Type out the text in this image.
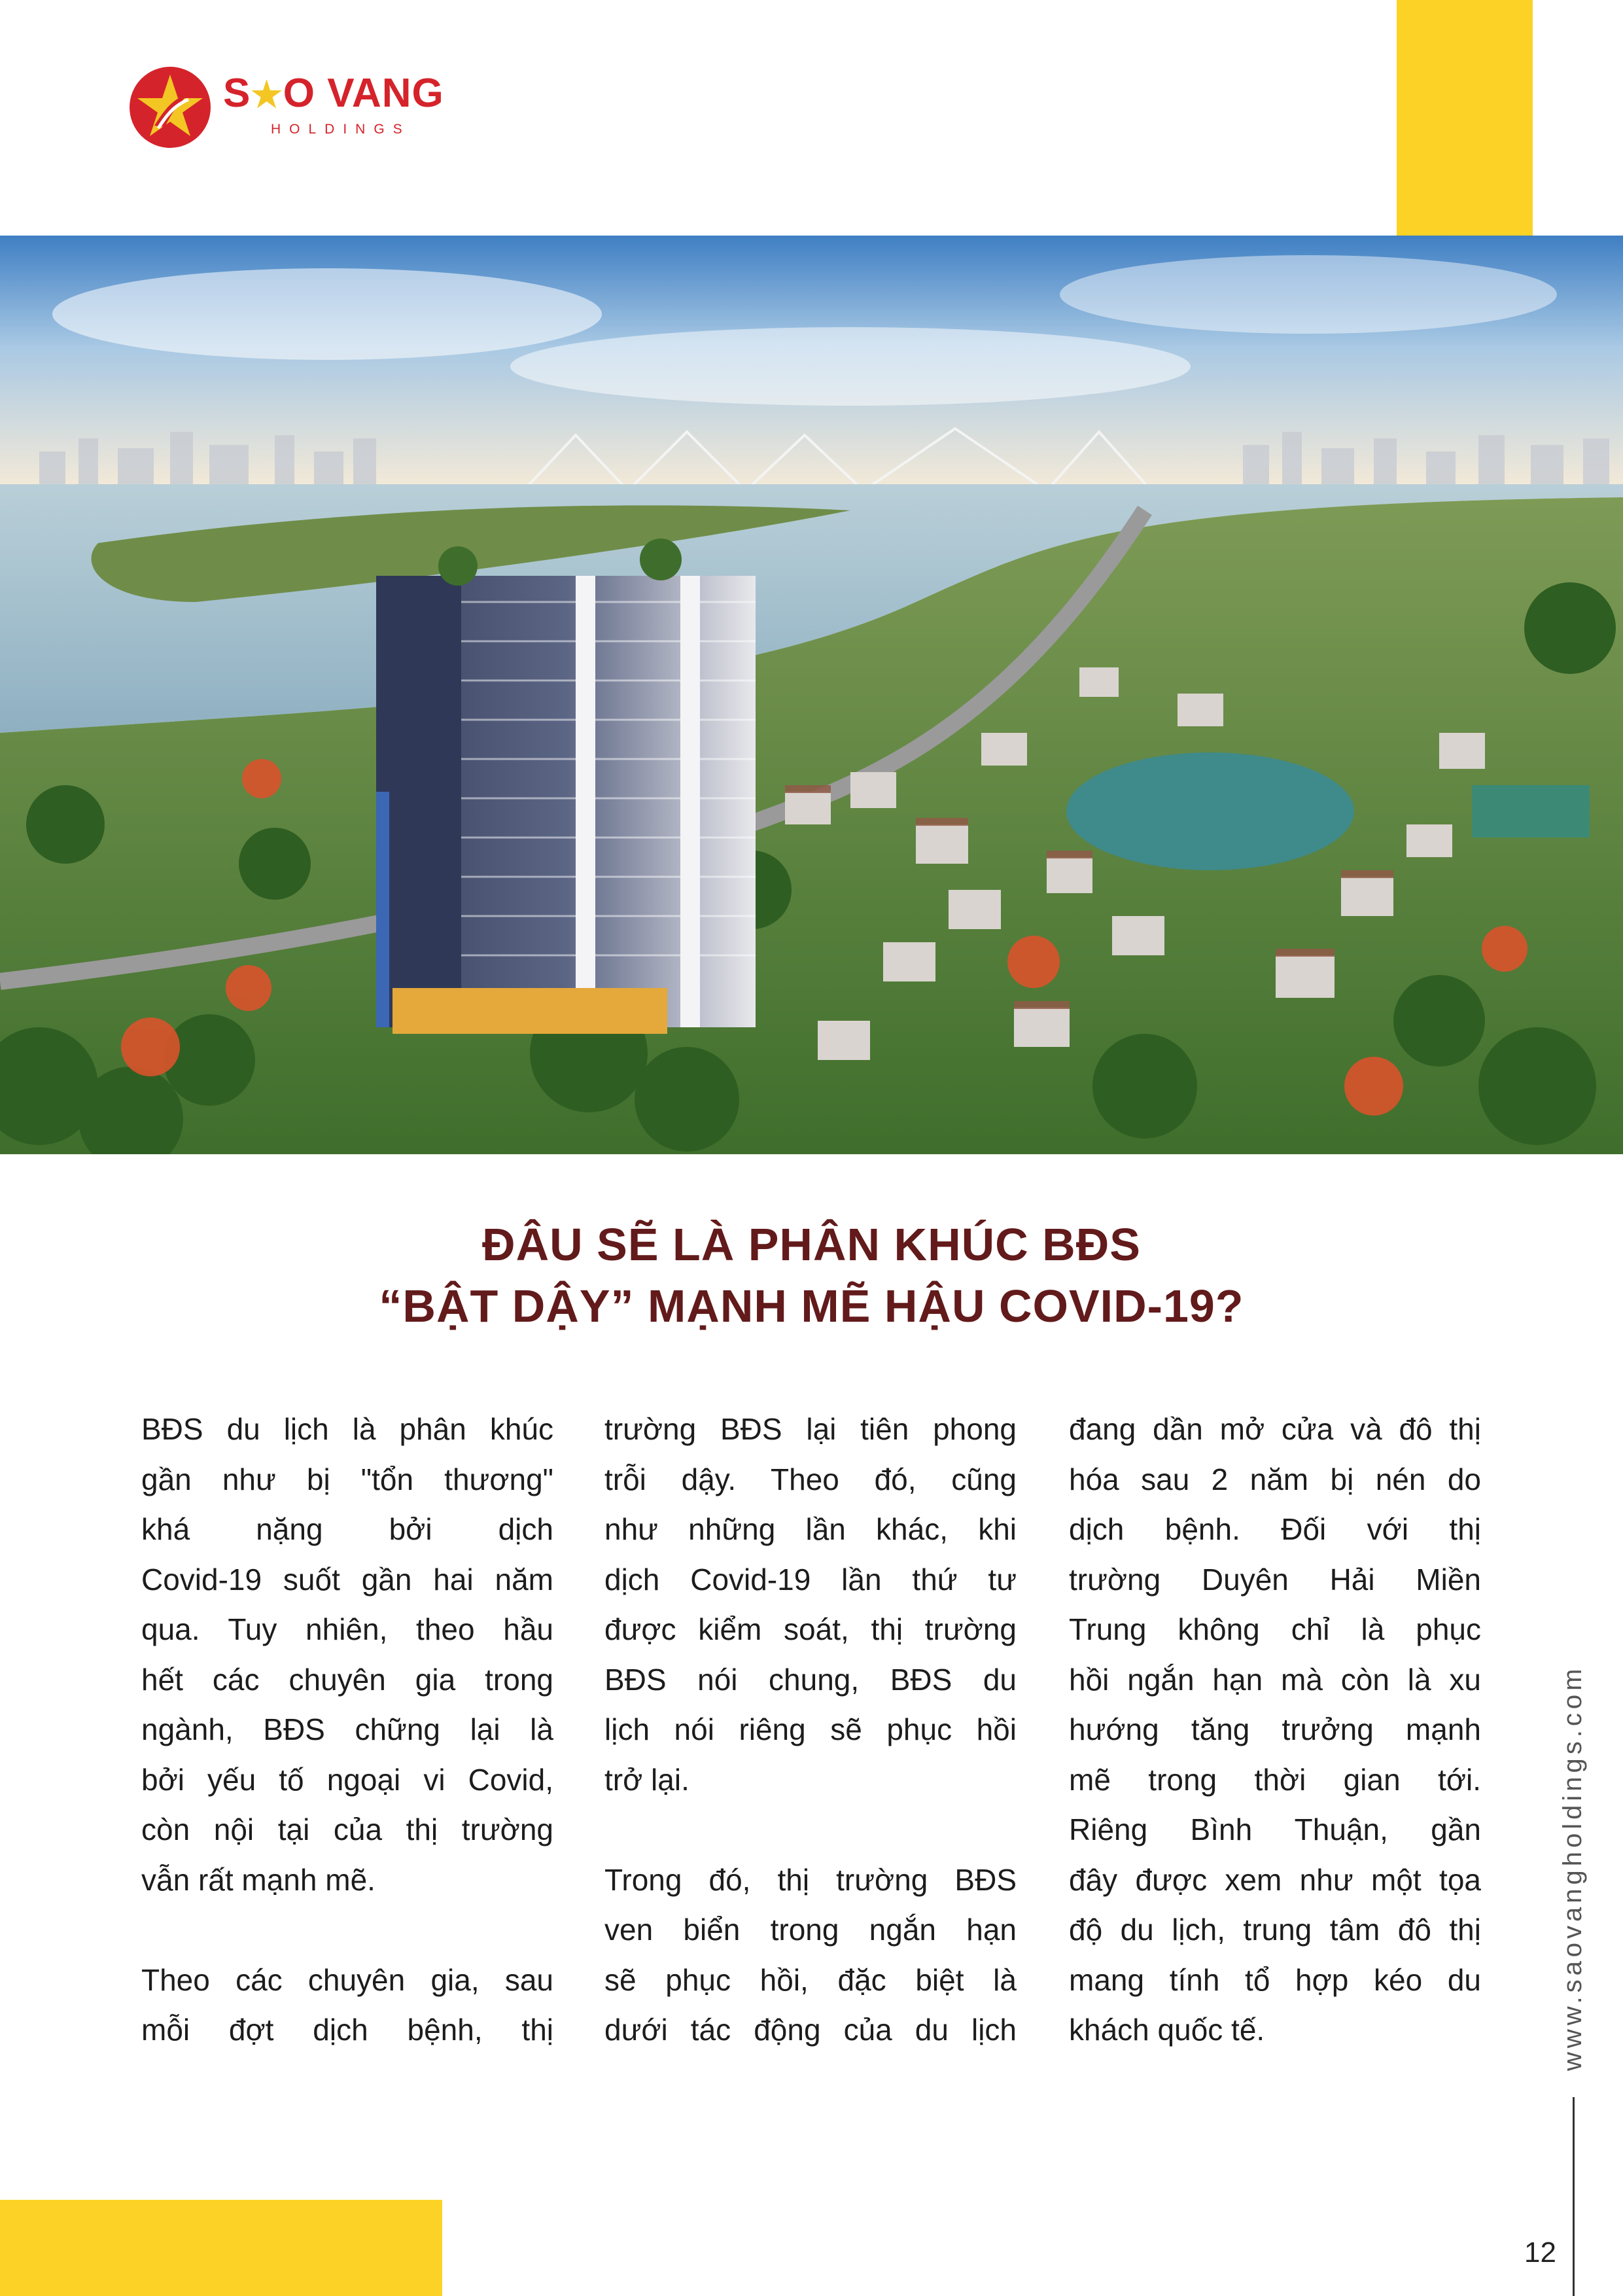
S★O VANG
HOLDINGS
ĐÂU SẼ LÀ PHÂN KHÚC BĐS
“BẬT DẬY” MẠNH MẼ HẬU COVID-19?
BĐS du lịch là phân khúc
gần như bị "tổn thương"
khá nặng bởi dịch
Covid-19 suốt gần hai năm
qua. Tuy nhiên, theo hầu
hết các chuyên gia trong
ngành, BĐS chững lại là
bởi yếu tố ngoại vi Covid,
còn nội tại của thị trường
vẫn rất mạnh mẽ.
Theo các chuyên gia, sau
mỗi đợt dịch bệnh, thị
trường BĐS lại tiên phong
trỗi dậy. Theo đó, cũng
như những lần khác, khi
dịch Covid-19 lần thứ tư
được kiểm soát, thị trường
BĐS nói chung, BĐS du
lịch nói riêng sẽ phục hồi
trở lại.
Trong đó, thị trường BĐS
ven biển trong ngắn hạn
sẽ phục hồi, đặc biệt là
dưới tác động của du lịch
đang dần mở cửa và đô thị
hóa sau 2 năm bị nén do
dịch bệnh. Đối với thị
trường Duyên Hải Miền
Trung không chỉ là phục
hồi ngắn hạn mà còn là xu
hướng tăng trưởng mạnh
mẽ trong thời gian tới.
Riêng Bình Thuận, gần
đây được xem như một tọa
độ du lịch, trung tâm đô thị
mang tính tổ hợp kéo du
khách quốc tế.	www.saovangholdings.com
12
